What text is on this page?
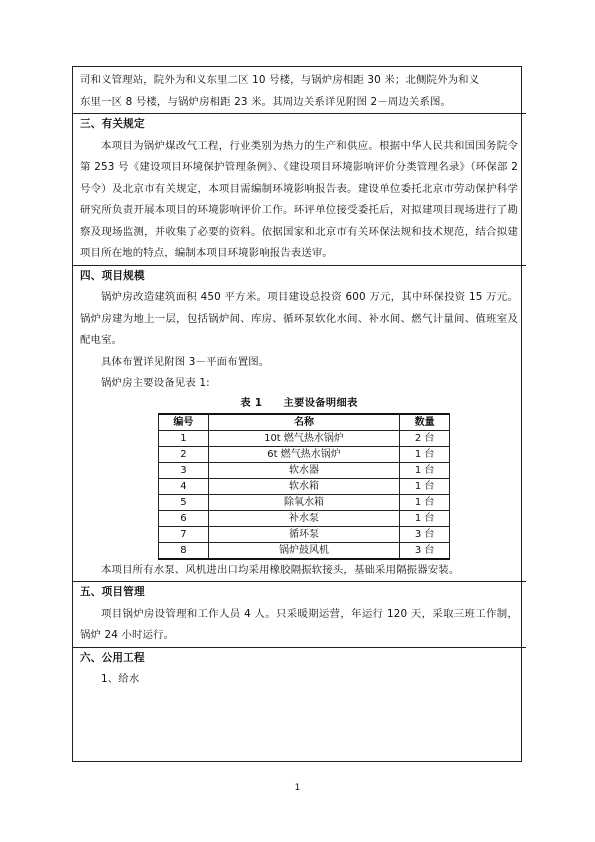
司和义管理站，院外为和义东里二区 10 号楼，与锅炉房相距 30 米；北侧院外为和义

东里一区 8 号楼，与锅炉房相距 23 米。其周边关系详见附图 2－周边关系图。

三、有关规定

本项目为锅炉煤改气工程，行业类别为热力的生产和供应。根据中华人民共和国国务院令第 253 号《建设项目环境保护管理条例》、《建设项目环境影响评价分类管理名录》（环保部 2 号令）及北京市有关规定，本项目需编制环境影响报告表。建设单位委托北京市劳动保护科学研究所负责开展本项目的环境影响评价工作。环评单位接受委托后，对拟建项目现场进行了勘察及现场监测，并收集了必要的资料。依据国家和北京市有关环保法规和技术规范，结合拟建项目所在地的特点，编制本项目环境影响报告表送审。

四、项目规模

锅炉房改造建筑面积 450 平方米。项目建设总投资 600 万元，其中环保投资 15 万元。锅炉房建为地上一层，包括锅炉间、库房、循环泵软化水间、补水间、燃气计量间、值班室及配电室。

具体布置详见附图 3－平面布置图。

锅炉房主要设备见表 1:

表 1　　主要设备明细表

编号	名称	数量
1	10t 燃气热水锅炉	2 台
2	6t 燃气热水锅炉	1 台
3	软水器	1 台
4	软水箱	1 台
5	除氧水箱	1 台
6	补水泵	1 台
7	循环泵	3 台
8	锅炉鼓风机	3 台

本项目所有水泵、风机进出口均采用橡胶隔振软接头，基础采用隔振器安装。

五、项目管理

项目锅炉房设管理和工作人员 4 人。只采暖期运营，年运行 120 天，采取三班工作制，锅炉 24 小时运行。

六、公用工程

1、给水

1
